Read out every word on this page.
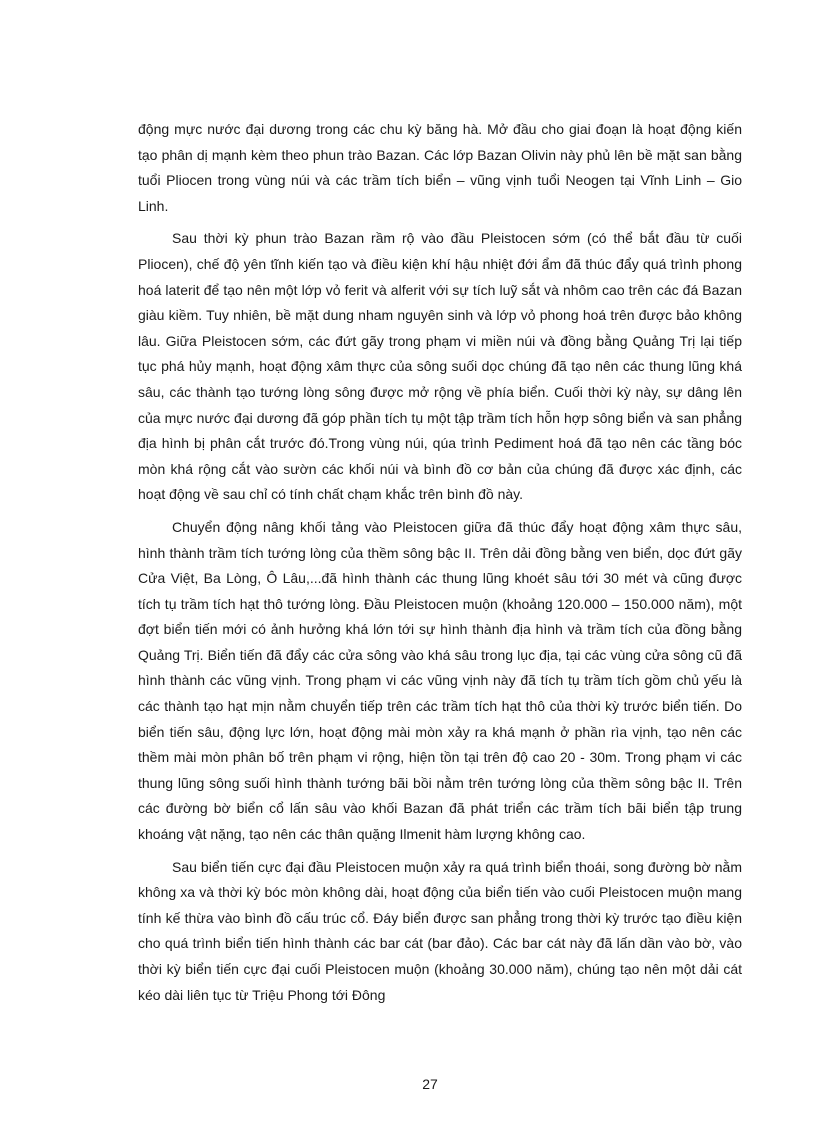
động mực nước đại dương trong các chu kỳ băng hà. Mở đầu cho giai đoạn là hoạt động kiến tạo phân dị mạnh kèm theo phun trào Bazan. Các lớp Bazan Olivin này phủ lên bề mặt san bằng tuổi Pliocen trong vùng núi và các trầm tích biển – vũng vịnh tuổi Neogen tại Vĩnh Linh – Gio Linh.

Sau thời kỳ phun trào Bazan rầm rộ vào đầu Pleistocen sớm (có thể bắt đầu từ cuối Pliocen), chế độ yên tĩnh kiến tạo và điều kiện khí hậu nhiệt đới ẩm đã thúc đẩy quá trình phong hoá laterit để tạo nên một lớp vỏ ferit và alferit với sự tích luỹ sắt và nhôm cao trên các đá Bazan giàu kiềm. Tuy nhiên, bề mặt dung nham nguyên sinh và lớp vỏ phong hoá trên được bảo không lâu. Giữa Pleistocen sớm, các đứt gãy trong phạm vi miền núi và đồng bằng Quảng Trị lại tiếp tục phá hủy mạnh, hoạt động xâm thực của sông suối dọc chúng đã tạo nên các thung lũng khá sâu, các thành tạo tướng lòng sông được mở rộng về phía biển. Cuối thời kỳ này, sự dâng lên của mực nước đại dương đã góp phần tích tụ một tập trầm tích hỗn hợp sông biển và san phẳng địa hình bị phân cắt trước đó.Trong vùng núi, qúa trình Pediment hoá đã tạo nên các tầng bóc mòn khá rộng cắt vào sườn các khối núi và bình đồ cơ bản của chúng đã được xác định, các hoạt động về sau chỉ có tính chất chạm khắc trên bình đồ này.

Chuyển động nâng khối tảng vào Pleistocen giữa đã thúc đẩy hoạt động xâm thực sâu, hình thành trầm tích tướng lòng của thềm sông bậc II. Trên dải đồng bằng ven biển, dọc đứt gãy Cửa Việt, Ba Lòng, Ô Lâu,...đã hình thành các thung lũng khoét sâu tới 30 mét và cũng được tích tụ trầm tích hạt thô tướng lòng. Đầu Pleistocen muộn (khoảng 120.000 – 150.000 năm), một đợt biển tiến mới có ảnh hưởng khá lớn tới sự hình thành địa hình và trầm tích của đồng bằng Quảng Trị. Biển tiến đã đẩy các cửa sông vào khá sâu trong lục địa, tại các vùng cửa sông cũ đã hình thành các vũng vịnh. Trong phạm vi các vũng vịnh này đã tích tụ trầm tích gồm chủ yếu là các thành tạo hạt mịn nằm chuyển tiếp trên các trầm tích hạt thô của thời kỳ trước biển tiến. Do biển tiến sâu, động lực lớn, hoạt động mài mòn xảy ra khá mạnh ở phần rìa vịnh, tạo nên các thềm mài mòn phân bố trên phạm vi rộng, hiện tồn tại trên độ cao 20 - 30m. Trong phạm vi các thung lũng sông suối hình thành tướng bãi bồi nằm trên tướng lòng của thềm sông bậc II. Trên các đường bờ biển cổ lấn sâu vào khối Bazan đã phát triển các trầm tích bãi biển tập trung khoáng vật nặng, tạo nên các thân quặng Ilmenit hàm lượng không cao.

Sau biển tiến cực đại đầu Pleistocen muộn xảy ra quá trình biển thoái, song đường bờ nằm không xa và thời kỳ bóc mòn không dài, hoạt động của biển tiến vào cuối Pleistocen muộn mang tính kế thừa vào bình đồ cấu trúc cổ. Đáy biển được san phẳng trong thời kỳ trước tạo điều kiện cho quá trình biển tiến hình thành các bar cát (bar đảo). Các bar cát này đã lấn dần vào bờ, vào thời kỳ biển tiến cực đại cuối Pleistocen muộn (khoảng 30.000 năm), chúng tạo nên một dải cát kéo dài liên tục từ Triệu Phong tới Đông

27
